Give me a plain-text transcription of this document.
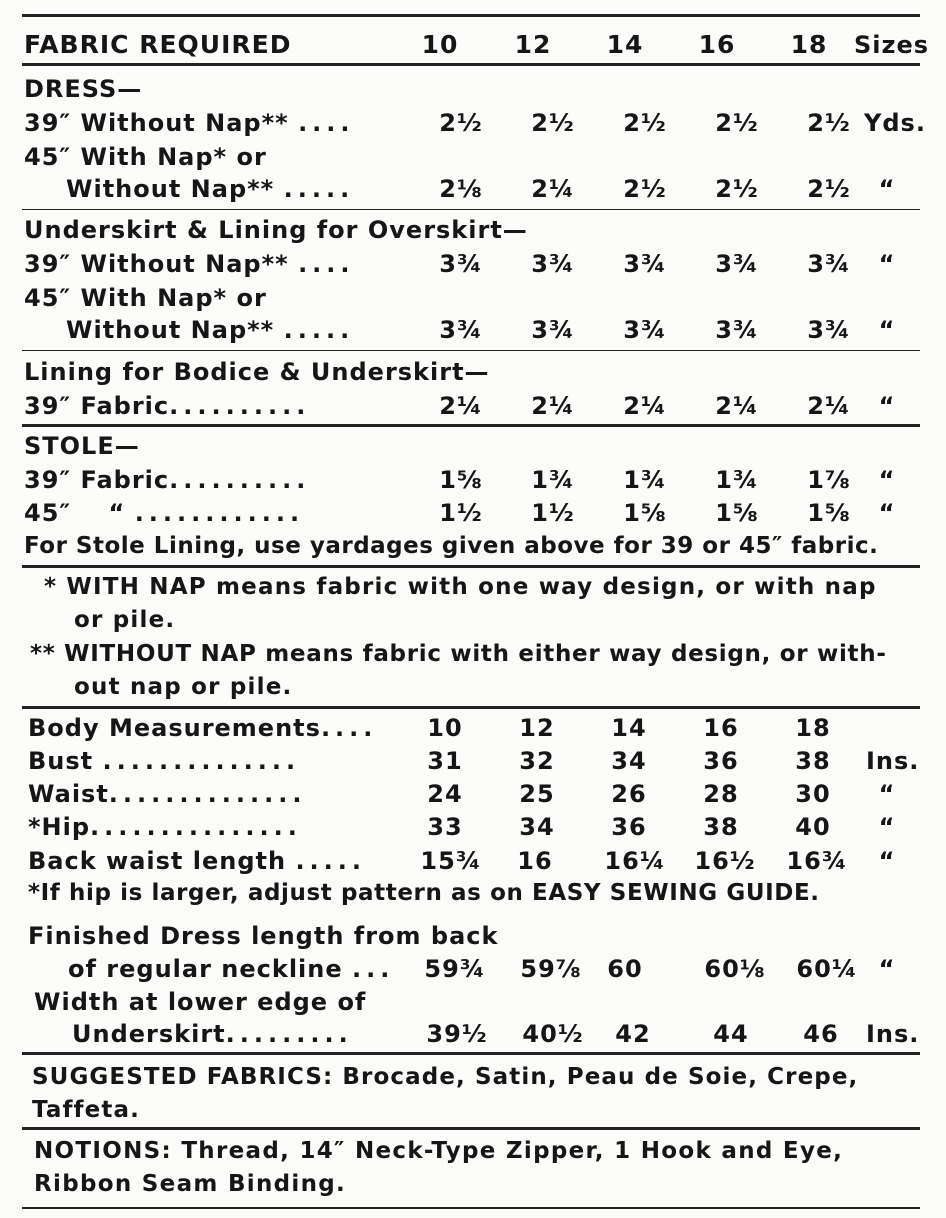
FABRIC REQUIRED	10	12	14	16	18	Sizes
DRESS—
39″ Without Nap** ....	2½	2½	2½	2½	2½ Yds.
45″ With Nap* or
Without Nap** .....	2⅛	2¼	2½	2½	2½	“
Underskirt & Lining for Overskirt—
39″ Without Nap** ....	3¾	3¾	3¾	3¾	3¾	“
45″ With Nap* or
Without Nap** .....	3¾	3¾	3¾	3¾	3¾	“
Lining for Bodice & Underskirt—
39″ Fabric..........	2¼	2¼	2¼	2¼	2¼	“
STOLE—
39″ Fabric..........	1⅝	1¾	1¾	1¾	1⅞	“
45″    “ ............	1½	1½	1⅝	1⅝	1⅝	“
For Stole Lining, use yardages given above for 39 or 45″ fabric.
* WITH NAP means fabric with one way design, or with nap
or pile.
** WITHOUT NAP means fabric with either way design, or with-
out nap or pile.
Body Measurements....	10	12	14	16	18
Bust ..............	31	32	34	36	38	Ins.
Waist..............	24	25	26	28	30	“
*Hip...............	33	34	36	38	40	“
Back waist length .....	15¾	16	16¼	16½	16¾	“
*If hip is larger, adjust pattern as on EASY SEWING GUIDE.
Finished Dress length from back
of regular neckline ...	59¾	59⅞	60	60⅛	60¼ “
Width at lower edge of
Underskirt.........	39½	40½	42	44	46	Ins.
SUGGESTED FABRICS: Brocade, Satin, Peau de Soie, Crepe,
Taffeta.
NOTIONS: Thread, 14″ Neck-Type Zipper, 1 Hook and Eye,
Ribbon Seam Binding.
